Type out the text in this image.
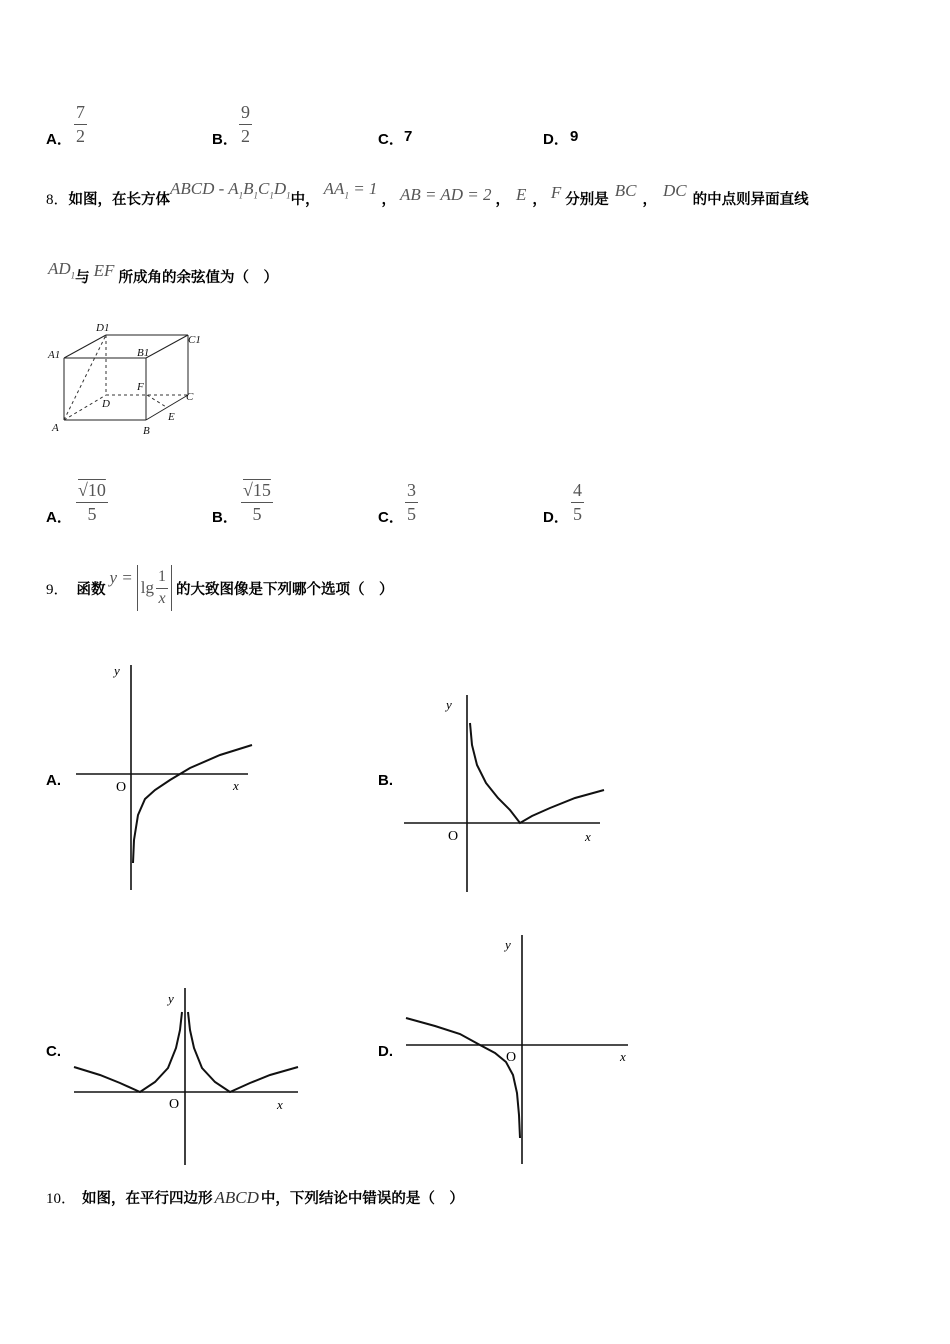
A．
7
2	B．
9
2	C． 7	D． 9
8．如图，在长方体ABCD - $A_1B_1C_1D_1$中，$AA_1 = 1$， AB = AD = 2 ， E ， F 分别是 BC ， DC 的中点则异面直线
$AD_1$与 EF 所成角的余弦值为（　）
D1
C1
A1	B1
F
D
C
A
E
B
A．
√10
5	B．
√15
5	C．
3
5	D．
4
5
9． 函数
y =
$\lg \frac{1}{x}$ 的大致图像是下列哪个选项（　）
A.
y
x
O	B.
y
x
O
C.
y
x
O
D.
y
x
O
10． 如图，在平行四边形 ABCD 中，下列结论中错误的是（　）
